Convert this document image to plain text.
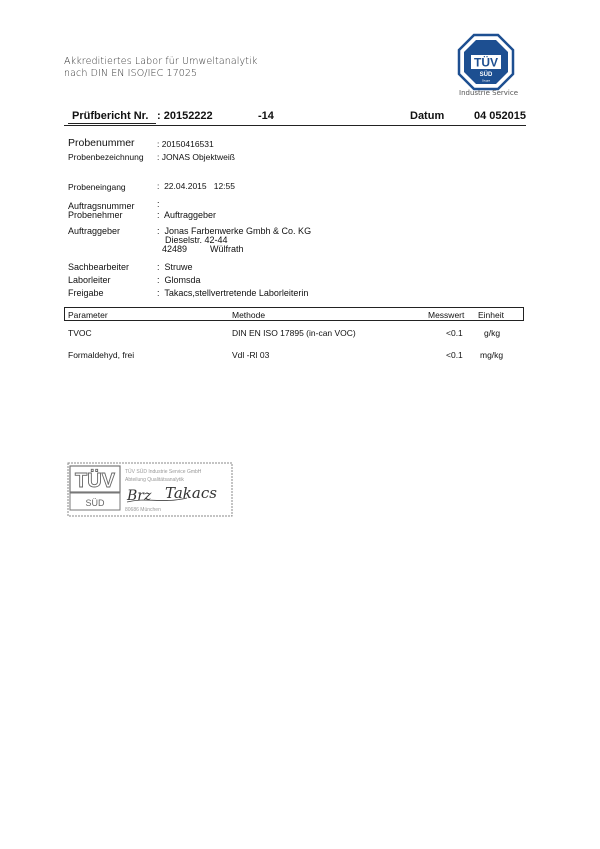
Akkreditiertes Labor für Umweltanalytik
nach DIN EN ISO/IEC 17025
TÜV
SÜD
Gruppe
Industrie Service
Prüfbericht Nr. : 20152222	-14	Datum	04 052015
Probenummer	: 20150416531
Probenbezeichnung : JONAS Objektweiß
Probeneingang	:  22.04.2015   12:55
Auftragsnummer :
Probenehmer	:  Auftraggeber
Auftraggeber	:  Jonas Farbenwerke Gmbh & Co. KG
Dieselstr. 42-44
42489	Wülfrath
Sachbearbeiter	:  Struwe
Laborleiter	:  Glomsda
Freigabe	:  Takacs,stellvertretende Laborleiterin
Parameter	Methode	Messwert Einheit
TVOC	DIN EN ISO 17895 (in-can VOC)	<0.1 g/kg
Formaldehyd, frei	Vdl -Rl 03	<0.1 mg/kg
TÜV
SÜD
TÜV SÜD Industrie Service GmbH
Abteilung Qualitätsanalytik
80686 München
Brz Takacs
